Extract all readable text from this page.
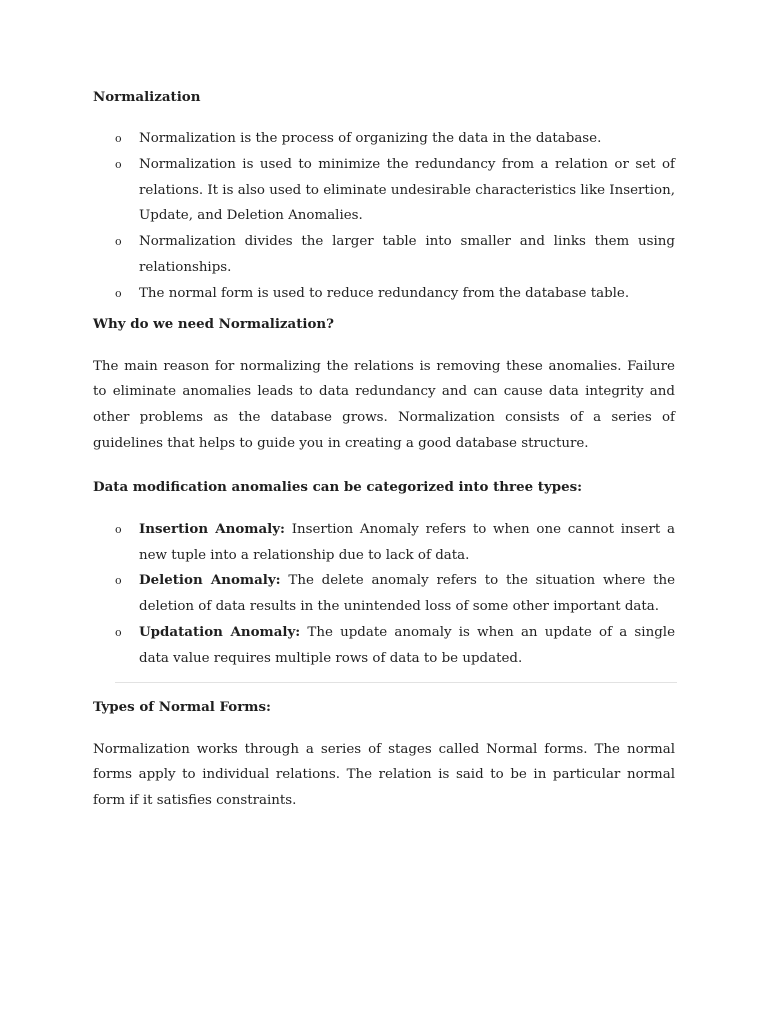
Normalization

o Normalization is the process of organizing the data in the database.
o Normalization is used to minimize the redundancy from a relation or set of relations. It is also used to eliminate undesirable characteristics like Insertion, Update, and Deletion Anomalies.
o Normalization divides the larger table into smaller and links them using relationships.
o The normal form is used to reduce redundancy from the database table.

Why do we need Normalization?

The main reason for normalizing the relations is removing these anomalies. Failure to eliminate anomalies leads to data redundancy and can cause data integrity and other problems as the database grows. Normalization consists of a series of guidelines that helps to guide you in creating a good database structure.

Data modification anomalies can be categorized into three types:

o Insertion Anomaly: Insertion Anomaly refers to when one cannot insert a new tuple into a relationship due to lack of data.
o Deletion Anomaly: The delete anomaly refers to the situation where the deletion of data results in the unintended loss of some other important data.
o Updatation Anomaly: The update anomaly is when an update of a single data value requires multiple rows of data to be updated.

Types of Normal Forms:

Normalization works through a series of stages called Normal forms. The normal forms apply to individual relations. The relation is said to be in particular normal form if it satisfies constraints.
